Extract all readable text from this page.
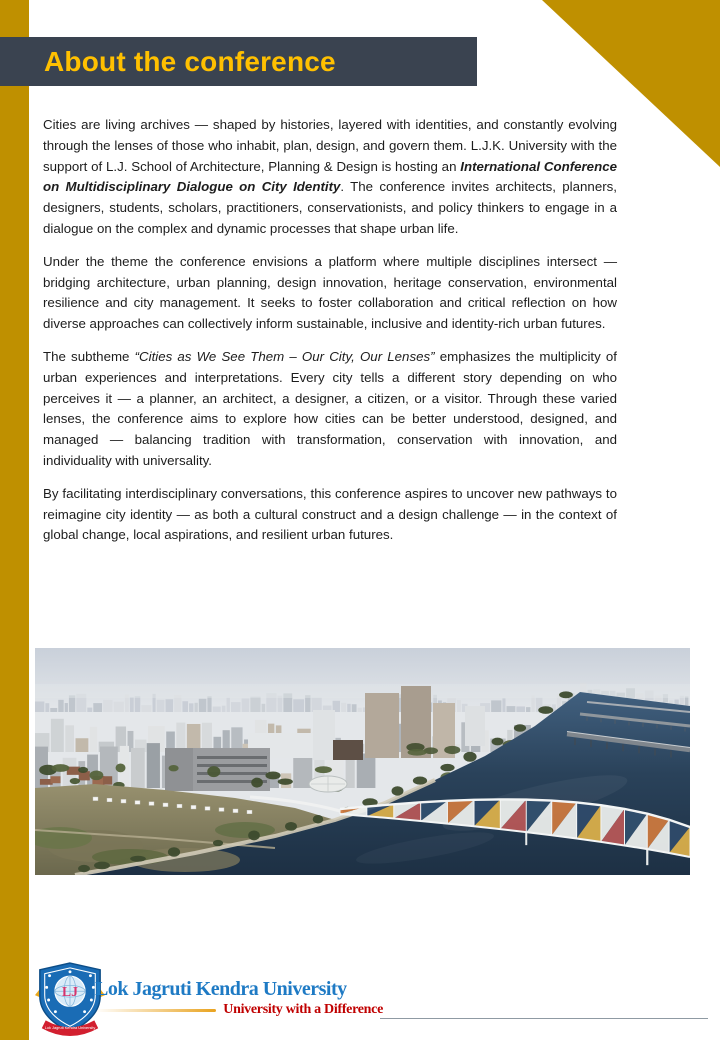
About the conference

Cities are living archives — shaped by histories, layered with identities, and constantly evolving through the lenses of those who inhabit, plan, design, and govern them. L.J.K. University with the support of L.J. School of Architecture, Planning & Design is hosting an International Conference on Multidisciplinary Dialogue on City Identity. The conference invites architects, planners, designers, students, scholars, practitioners, conservationists, and policy thinkers to engage in a dialogue on the complex and dynamic processes that shape urban life.

Under the theme the conference envisions a platform where multiple disciplines intersect — bridging architecture, urban planning, design innovation, heritage conservation, environmental resilience and city management. It seeks to foster collaboration and critical reflection on how diverse approaches can collectively inform sustainable, inclusive and identity-rich urban futures.

The subtheme “Cities as We See Them – Our City, Our Lenses” emphasizes the multiplicity of urban experiences and interpretations. Every city tells a different story depending on who perceives it — a planner, an architect, a designer, a citizen, or a visitor. Through these varied lenses, the conference aims to explore how cities can be better understood, designed, and managed — balancing tradition with transformation, conservation with innovation, and individuality with universality.

By facilitating interdisciplinary conversations, this conference aspires to uncover new pathways to reimagine city identity — as both a cultural construct and a design challenge — in the context of global change, local aspirations, and resilient urban futures.

LJ
Lok Jagruti Kendra University
Lok Jagruti Kendra University
University with a Difference
